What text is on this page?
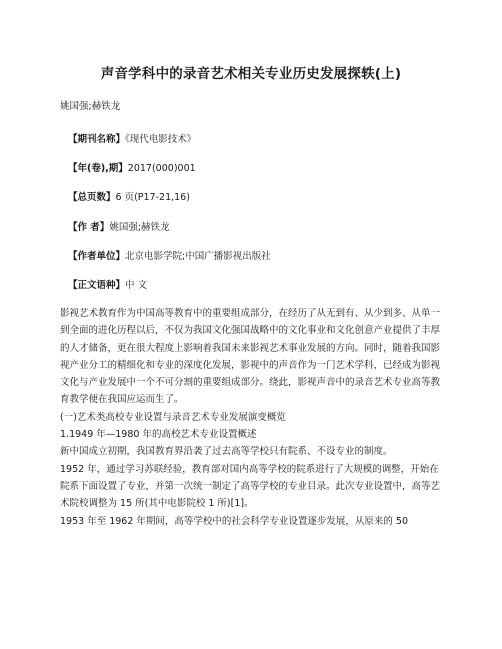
声音学科中的录音艺术相关专业历史发展探轶(上)
姚国强;赫铁龙
【期刊名称】《现代电影技术》
【年(卷),期】2017(000)001
【总页数】6 页(P17-21,16)
【作 者】姚国强;赫铁龙
【作者单位】北京电影学院;中国广播影视出版社
【正文语种】中 文

影视艺术教育作为中国高等教育中的重要组成部分，在经历了从无到有、从少到多、从单一到全面的进化历程以后，不仅为我国文化强国战略中的文化事业和文化创意产业提供了丰厚的人才储备，更在很大程度上影响着我国未来影视艺术事业发展的方向。同时，随着我国影视产业分工的精细化和专业的深度化发展，影视中的声音作为一门艺术学科，已经成为影视文化与产业发展中一个不可分割的重要组成部分。绕此，影视声音中的录音艺术专业高等教育教学便在我国应运而生了。

(一)艺术类高校专业设置与录音艺术专业发展演变概览

1.1949 年—1980 年的高校艺术专业设置概述

新中国成立初期，我国教育界沿袭了过去高等学校只有院系、不设专业的制度。

1952 年，通过学习苏联经验，教育部对国内高等学校的院系进行了大规模的调整，开始在院系下面设置了专业，并第一次统一制定了高等学校的专业目录。此次专业设置中，高等艺术院校调整为 15 所(其中电影院校 1 所)[1]。

1953 年至 1962 年期间，高等学校中的社会科学专业设置逐步发展，从原来的 50
